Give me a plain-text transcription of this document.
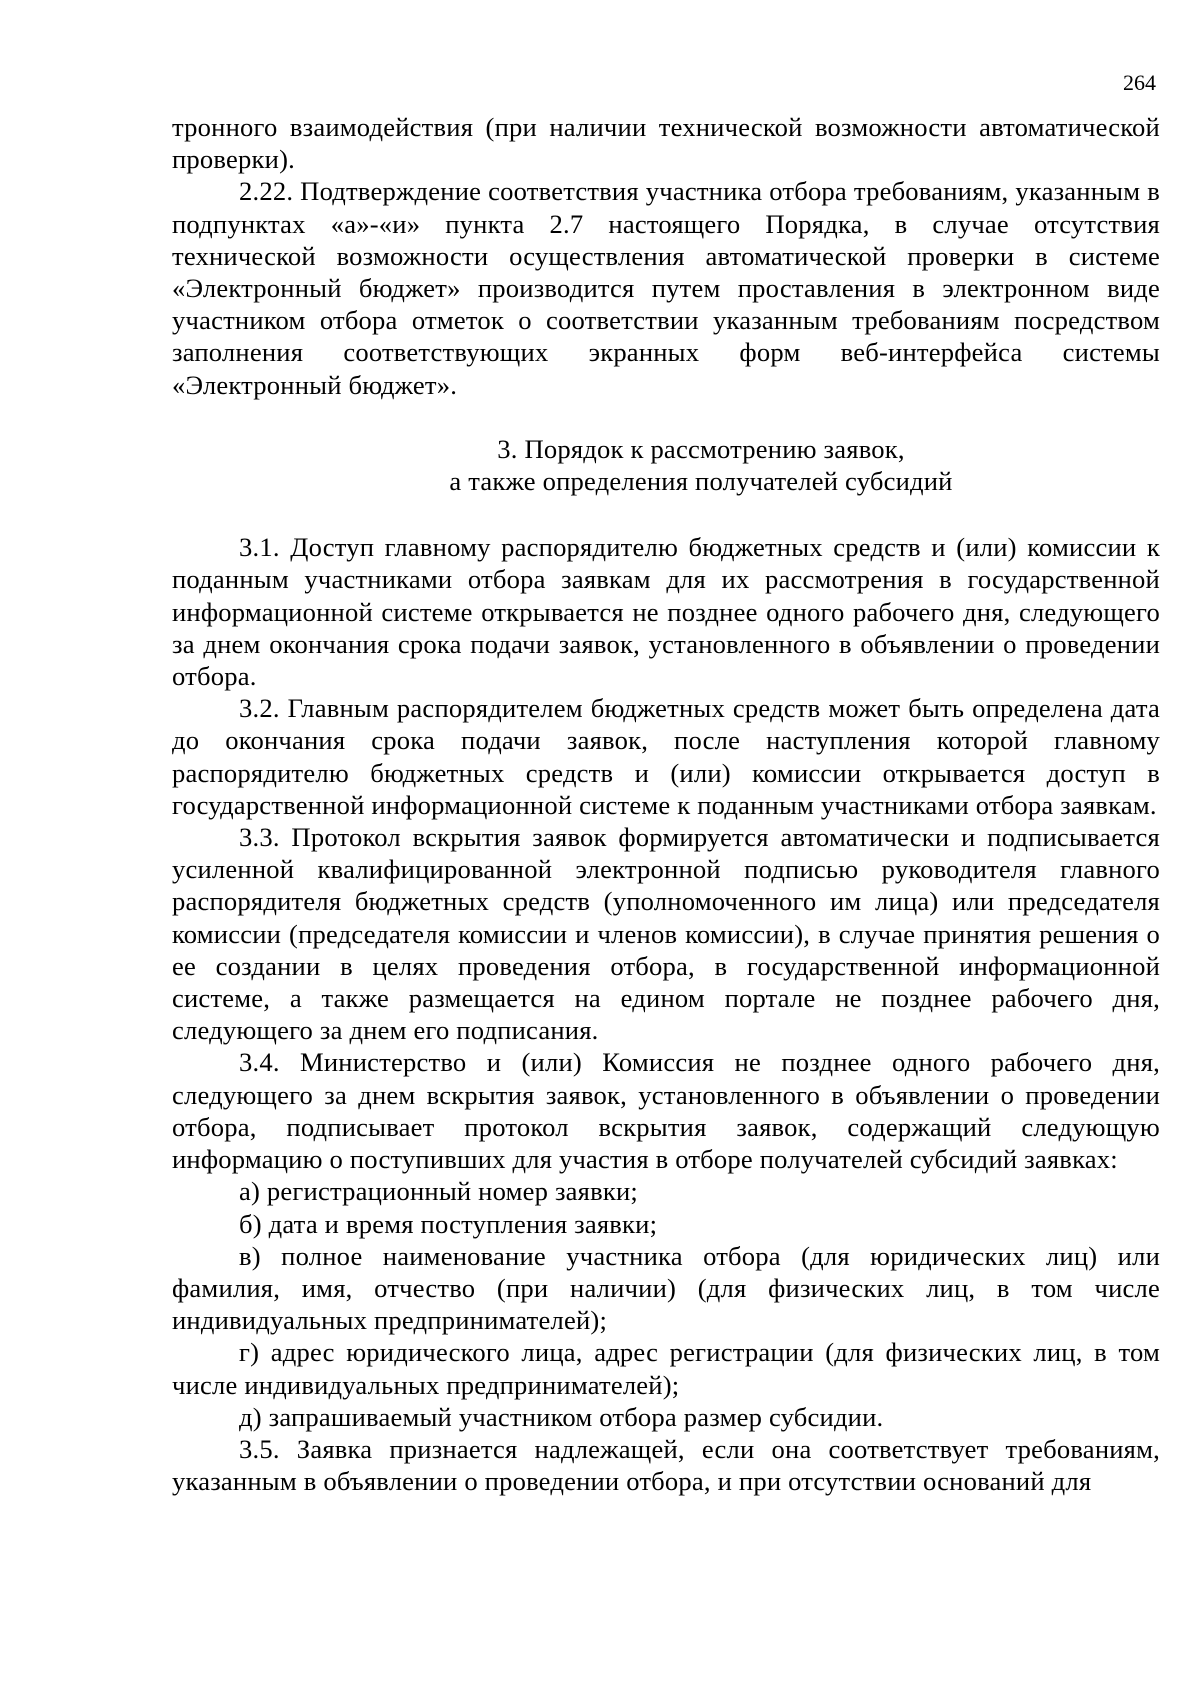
264

тронного взаимодействия (при наличии технической возможности автоматической проверки).

2.22. Подтверждение соответствия участника отбора требованиям, указанным в подпунктах «а»-«и» пункта 2.7 настоящего Порядка, в случае отсутствия технической возможности осуществления автоматической проверки в системе «Электронный бюджет» производится путем проставления в электронном виде участником отбора отметок о соответствии указанным требованиям посредством заполнения соответствующих экранных форм веб-интерфейса системы «Электронный бюджет».

3. Порядок к рассмотрению заявок,
а также определения получателей субсидий

3.1. Доступ главному распорядителю бюджетных средств и (или) комиссии к поданным участниками отбора заявкам для их рассмотрения в государственной информационной системе открывается не позднее одного рабочего дня, следующего за днем окончания срока подачи заявок, установленного в объявлении о проведении отбора.

3.2. Главным распорядителем бюджетных средств может быть определена дата до окончания срока подачи заявок, после наступления которой главному распорядителю бюджетных средств и (или) комиссии открывается доступ в государственной информационной системе к поданным участниками отбора заявкам.

3.3. Протокол вскрытия заявок формируется автоматически и подписывается усиленной квалифицированной электронной подписью руководителя главного распорядителя бюджетных средств (уполномоченного им лица) или председателя комиссии (председателя комиссии и членов комиссии), в случае принятия решения о ее создании в целях проведения отбора, в государственной информационной системе, а также размещается на едином портале не позднее рабочего дня, следующего за днем его подписания.

3.4. Министерство и (или) Комиссия не позднее одного рабочего дня, следующего за днем вскрытия заявок, установленного в объявлении о проведении отбора, подписывает протокол вскрытия заявок, содержащий следующую информацию о поступивших для участия в отборе получателей субсидий заявках:

а) регистрационный номер заявки;

б) дата и время поступления заявки;

в) полное наименование участника отбора (для юридических лиц) или фамилия, имя, отчество (при наличии) (для физических лиц, в том числе индивидуальных предпринимателей);

г) адрес юридического лица, адрес регистрации (для физических лиц, в том числе индивидуальных предпринимателей);

д) запрашиваемый участником отбора размер субсидии.

3.5. Заявка признается надлежащей, если она соответствует требованиям, указанным в объявлении о проведении отбора, и при отсутствии оснований для
